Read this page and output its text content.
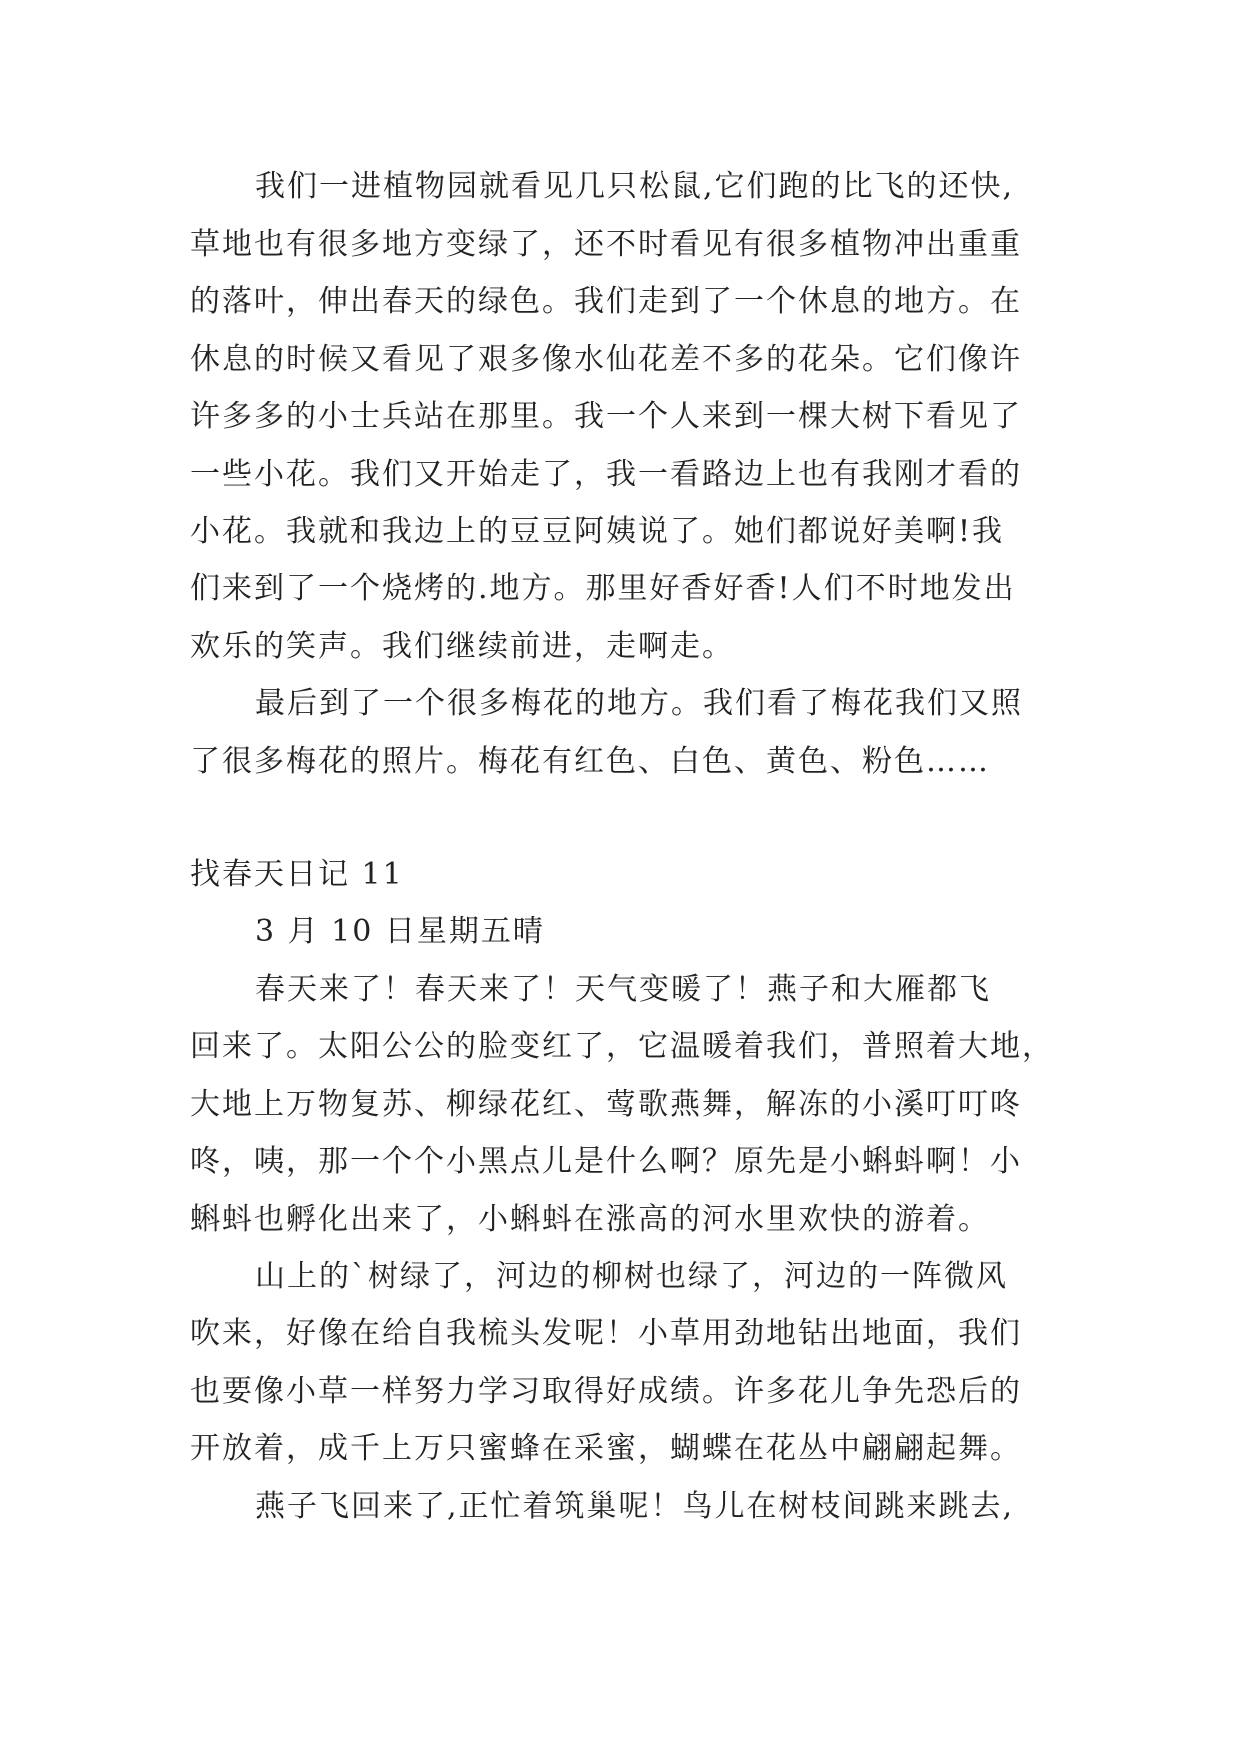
我们一进植物园就看见几只松鼠,它们跑的比飞的还快,
草地也有很多地方变绿了，还不时看见有很多植物冲出重重
的落叶，伸出春天的绿色。我们走到了一个休息的地方。在
休息的时候又看见了艰多像水仙花差不多的花朵。它们像许
许多多的小士兵站在那里。我一个人来到一棵大树下看见了
一些小花。我们又开始走了，我一看路边上也有我刚才看的
小花。我就和我边上的豆豆阿姨说了。她们都说好美啊!我
们来到了一个烧烤的.地方。那里好香好香!人们不时地发出
欢乐的笑声。我们继续前进，走啊走。
最后到了一个很多梅花的地方。我们看了梅花我们又照
了很多梅花的照片。梅花有红色、白色、黄色、粉色……
找春天日记 11
3 月 10 日星期五晴
春天来了！春天来了！天气变暖了！燕子和大雁都飞
回来了。太阳公公的脸变红了，它温暖着我们，普照着大地，
大地上万物复苏、柳绿花红、莺歌燕舞，解冻的小溪叮叮咚
咚，咦，那一个个小黑点儿是什么啊？原先是小蝌蚪啊！小
蝌蚪也孵化出来了，小蝌蚪在涨高的河水里欢快的游着。
山上的`树绿了，河边的柳树也绿了，河边的一阵微风
吹来，好像在给自我梳头发呢！小草用劲地钻出地面，我们
也要像小草一样努力学习取得好成绩。许多花儿争先恐后的
开放着，成千上万只蜜蜂在采蜜，蝴蝶在花丛中翩翩起舞。
燕子飞回来了,正忙着筑巢呢！鸟儿在树枝间跳来跳去,
